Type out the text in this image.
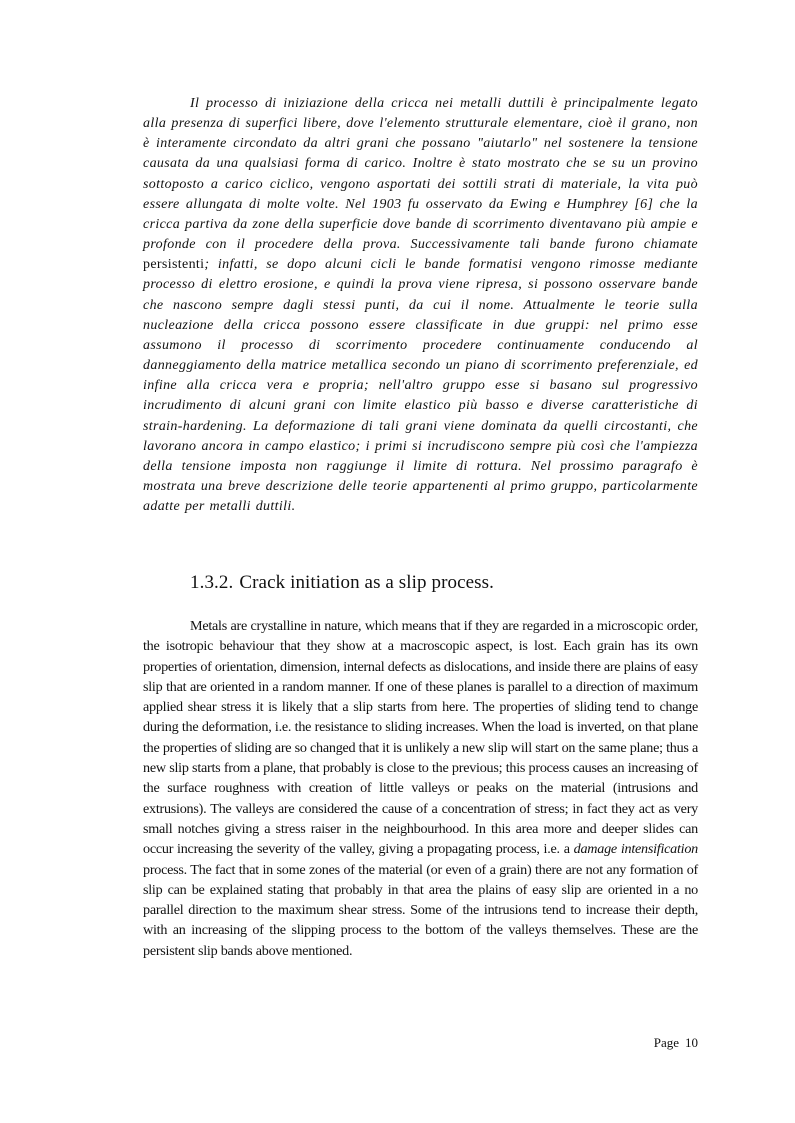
Il processo di iniziazione della cricca nei metalli duttili è principalmente legato alla presenza di superfici libere, dove l'elemento strutturale elementare, cioè il grano, non è interamente circondato da altri grani che possano "aiutarlo" nel sostenere la tensione causata da una qualsiasi forma di carico. Inoltre è stato mostrato che se su un provino sottoposto a carico ciclico, vengono asportati dei sottili strati di materiale, la vita può essere allungata di molte volte. Nel 1903 fu osservato da Ewing e Humphrey [6] che la cricca partiva da zone della superficie dove bande di scorrimento diventavano più ampie e profonde con il procedere della prova. Successivamente tali bande furono chiamate persistenti; infatti, se dopo alcuni cicli le bande formatisi vengono rimosse mediante processo di elettro erosione, e quindi la prova viene ripresa, si possono osservare bande che nascono sempre dagli stessi punti, da cui il nome. Attualmente le teorie sulla nucleazione della cricca possono essere classificate in due gruppi: nel primo esse assumono il processo di scorrimento procedere continuamente conducendo al danneggiamento della matrice metallica secondo un piano di scorrimento preferenziale, ed infine alla cricca vera e propria; nell'altro gruppo esse si basano sul progressivo incrudimento di alcuni grani con limite elastico più basso e diverse caratteristiche di strain-hardening. La deformazione di tali grani viene dominata da quelli circostanti, che lavorano ancora in campo elastico; i primi si incrudiscono sempre più così che l'ampiezza della tensione imposta non raggiunge il limite di rottura. Nel prossimo paragrafo è mostrata una breve descrizione delle teorie appartenenti al primo gruppo, particolarmente adatte per metalli duttili.

1.3.2. Crack initiation as a slip process.

Metals are crystalline in nature, which means that if they are regarded in a microscopic order, the isotropic behaviour that they show at a macroscopic aspect, is lost. Each grain has its own properties of orientation, dimension, internal defects as dislocations, and inside there are plains of easy slip that are oriented in a random manner. If one of these planes is parallel to a direction of maximum applied shear stress it is likely that a slip starts from here. The properties of sliding tend to change during the deformation, i.e. the resistance to sliding increases. When the load is inverted, on that plane the properties of sliding are so changed that it is unlikely a new slip will start on the same plane; thus a new slip starts from a plane, that probably is close to the previous; this process causes an increasing of the surface roughness with creation of little valleys or peaks on the material (intrusions and extrusions). The valleys are considered the cause of a concentration of stress; in fact they act as very small notches giving a stress raiser in the neighbourhood. In this area more and deeper slides can occur increasing the severity of the valley, giving a propagating process, i.e. a damage intensification process. The fact that in some zones of the material (or even of a grain) there are not any formation of slip can be explained stating that probably in that area the plains of easy slip are oriented in a no parallel direction to the maximum shear stress. Some of the intrusions tend to increase their depth, with an increasing of the slipping process to the bottom of the valleys themselves. These are the persistent slip bands above mentioned.

Page 10
